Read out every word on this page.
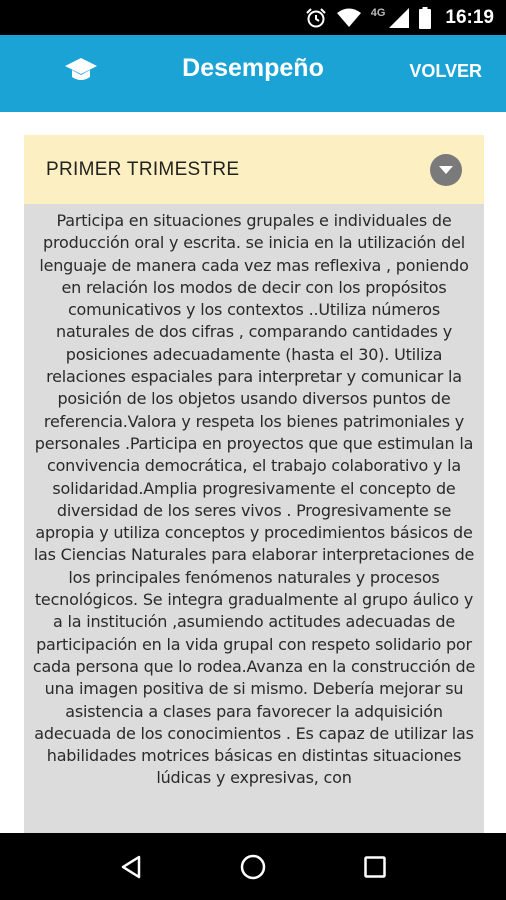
4G	16:19
Desempeño	VOLVER
PRIMER TRIMESTRE

Participa en situaciones grupales e individuales de producción oral y escrita. se inicia en la utilización del lenguaje de manera cada vez mas reflexiva , poniendo en relación los modos de decir con los propósitos comunicativos y los contextos ..Utiliza números naturales de dos cifras , comparando cantidades y posiciones adecuadamente (hasta el 30). Utiliza relaciones espaciales para interpretar y comunicar la posición de los objetos usando diversos puntos de referencia.Valora y respeta los bienes patrimoniales y personales .Participa en proyectos que que estimulan la convivencia democrática, el trabajo colaborativo y la solidaridad.Amplia progresivamente el concepto de diversidad de los seres vivos . Progresivamente se apropia y utiliza conceptos y procedimientos básicos de las Ciencias Naturales para elaborar interpretaciones de los principales fenómenos naturales y procesos tecnológicos. Se integra gradualmente al grupo áulico y a la institución ,asumiendo actitudes adecuadas de participación en la vida grupal con respeto solidario por cada persona que lo rodea.Avanza en la construcción de una imagen positiva de si mismo. Debería mejorar su asistencia a clases para favorecer la adquisición adecuada de los conocimientos . Es capaz de utilizar las habilidades motrices básicas en distintas situaciones lúdicas y expresivas, con
